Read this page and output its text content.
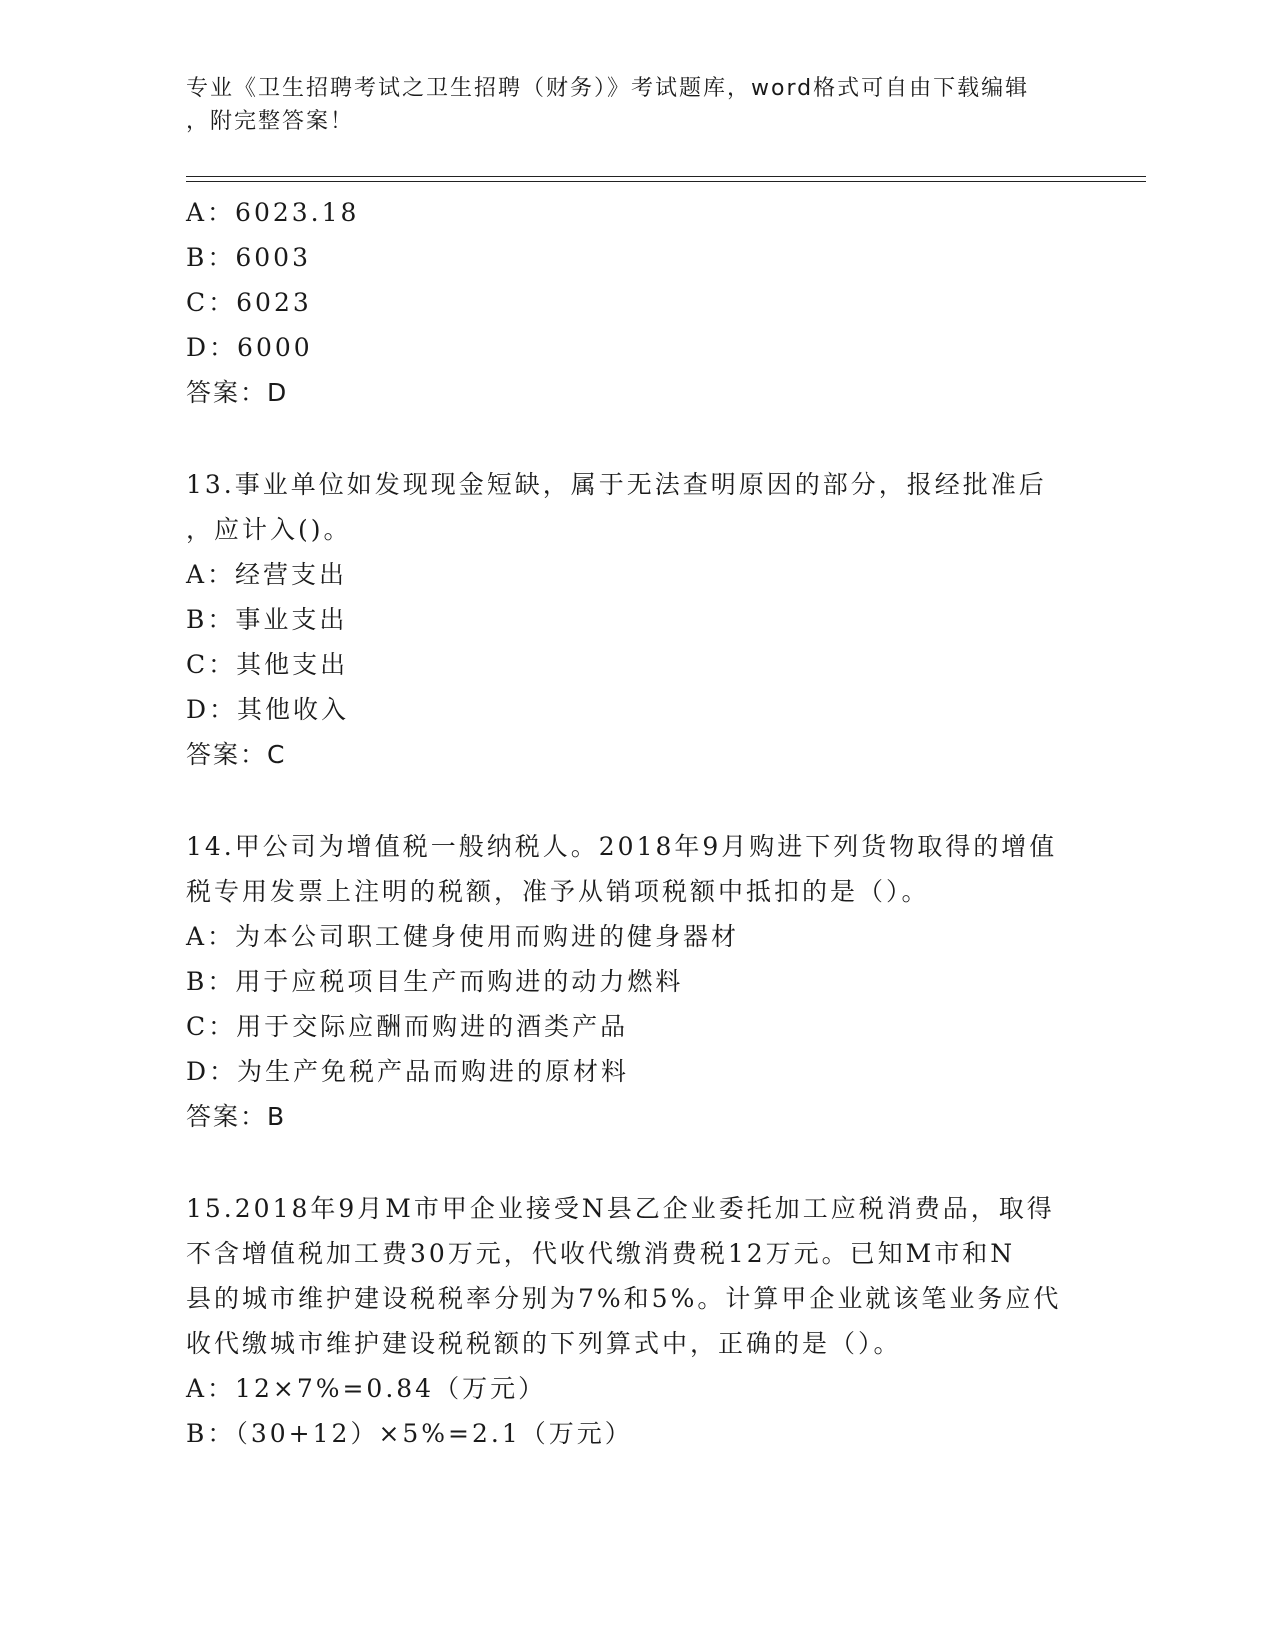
专业《卫生招聘考试之卫生招聘（财务）》考试题库，word格式可自由下载编辑
，附完整答案！
A：6023.18
B：6003
C：6023
D：6000
答案：D
13.事业单位如发现现金短缺，属于无法查明原因的部分，报经批准后
，应计入()。
A：经营支出
B：事业支出
C：其他支出
D：其他收入
答案：C
14.甲公司为增值税一般纳税人。2018年9月购进下列货物取得的增值
税专用发票上注明的税额，准予从销项税额中抵扣的是（）。
A：为本公司职工健身使用而购进的健身器材
B：用于应税项目生产而购进的动力燃料
C：用于交际应酬而购进的酒类产品
D：为生产免税产品而购进的原材料
答案：B
15.2018年9月M市甲企业接受N县乙企业委托加工应税消费品，取得
不含增值税加工费30万元，代收代缴消费税12万元。已知M市和N
县的城市维护建设税税率分别为7%和5%。计算甲企业就该笔业务应代
收代缴城市维护建设税税额的下列算式中，正确的是（）。
A：12×7%=0.84（万元）
B：（30+12）×5%=2.1（万元）
